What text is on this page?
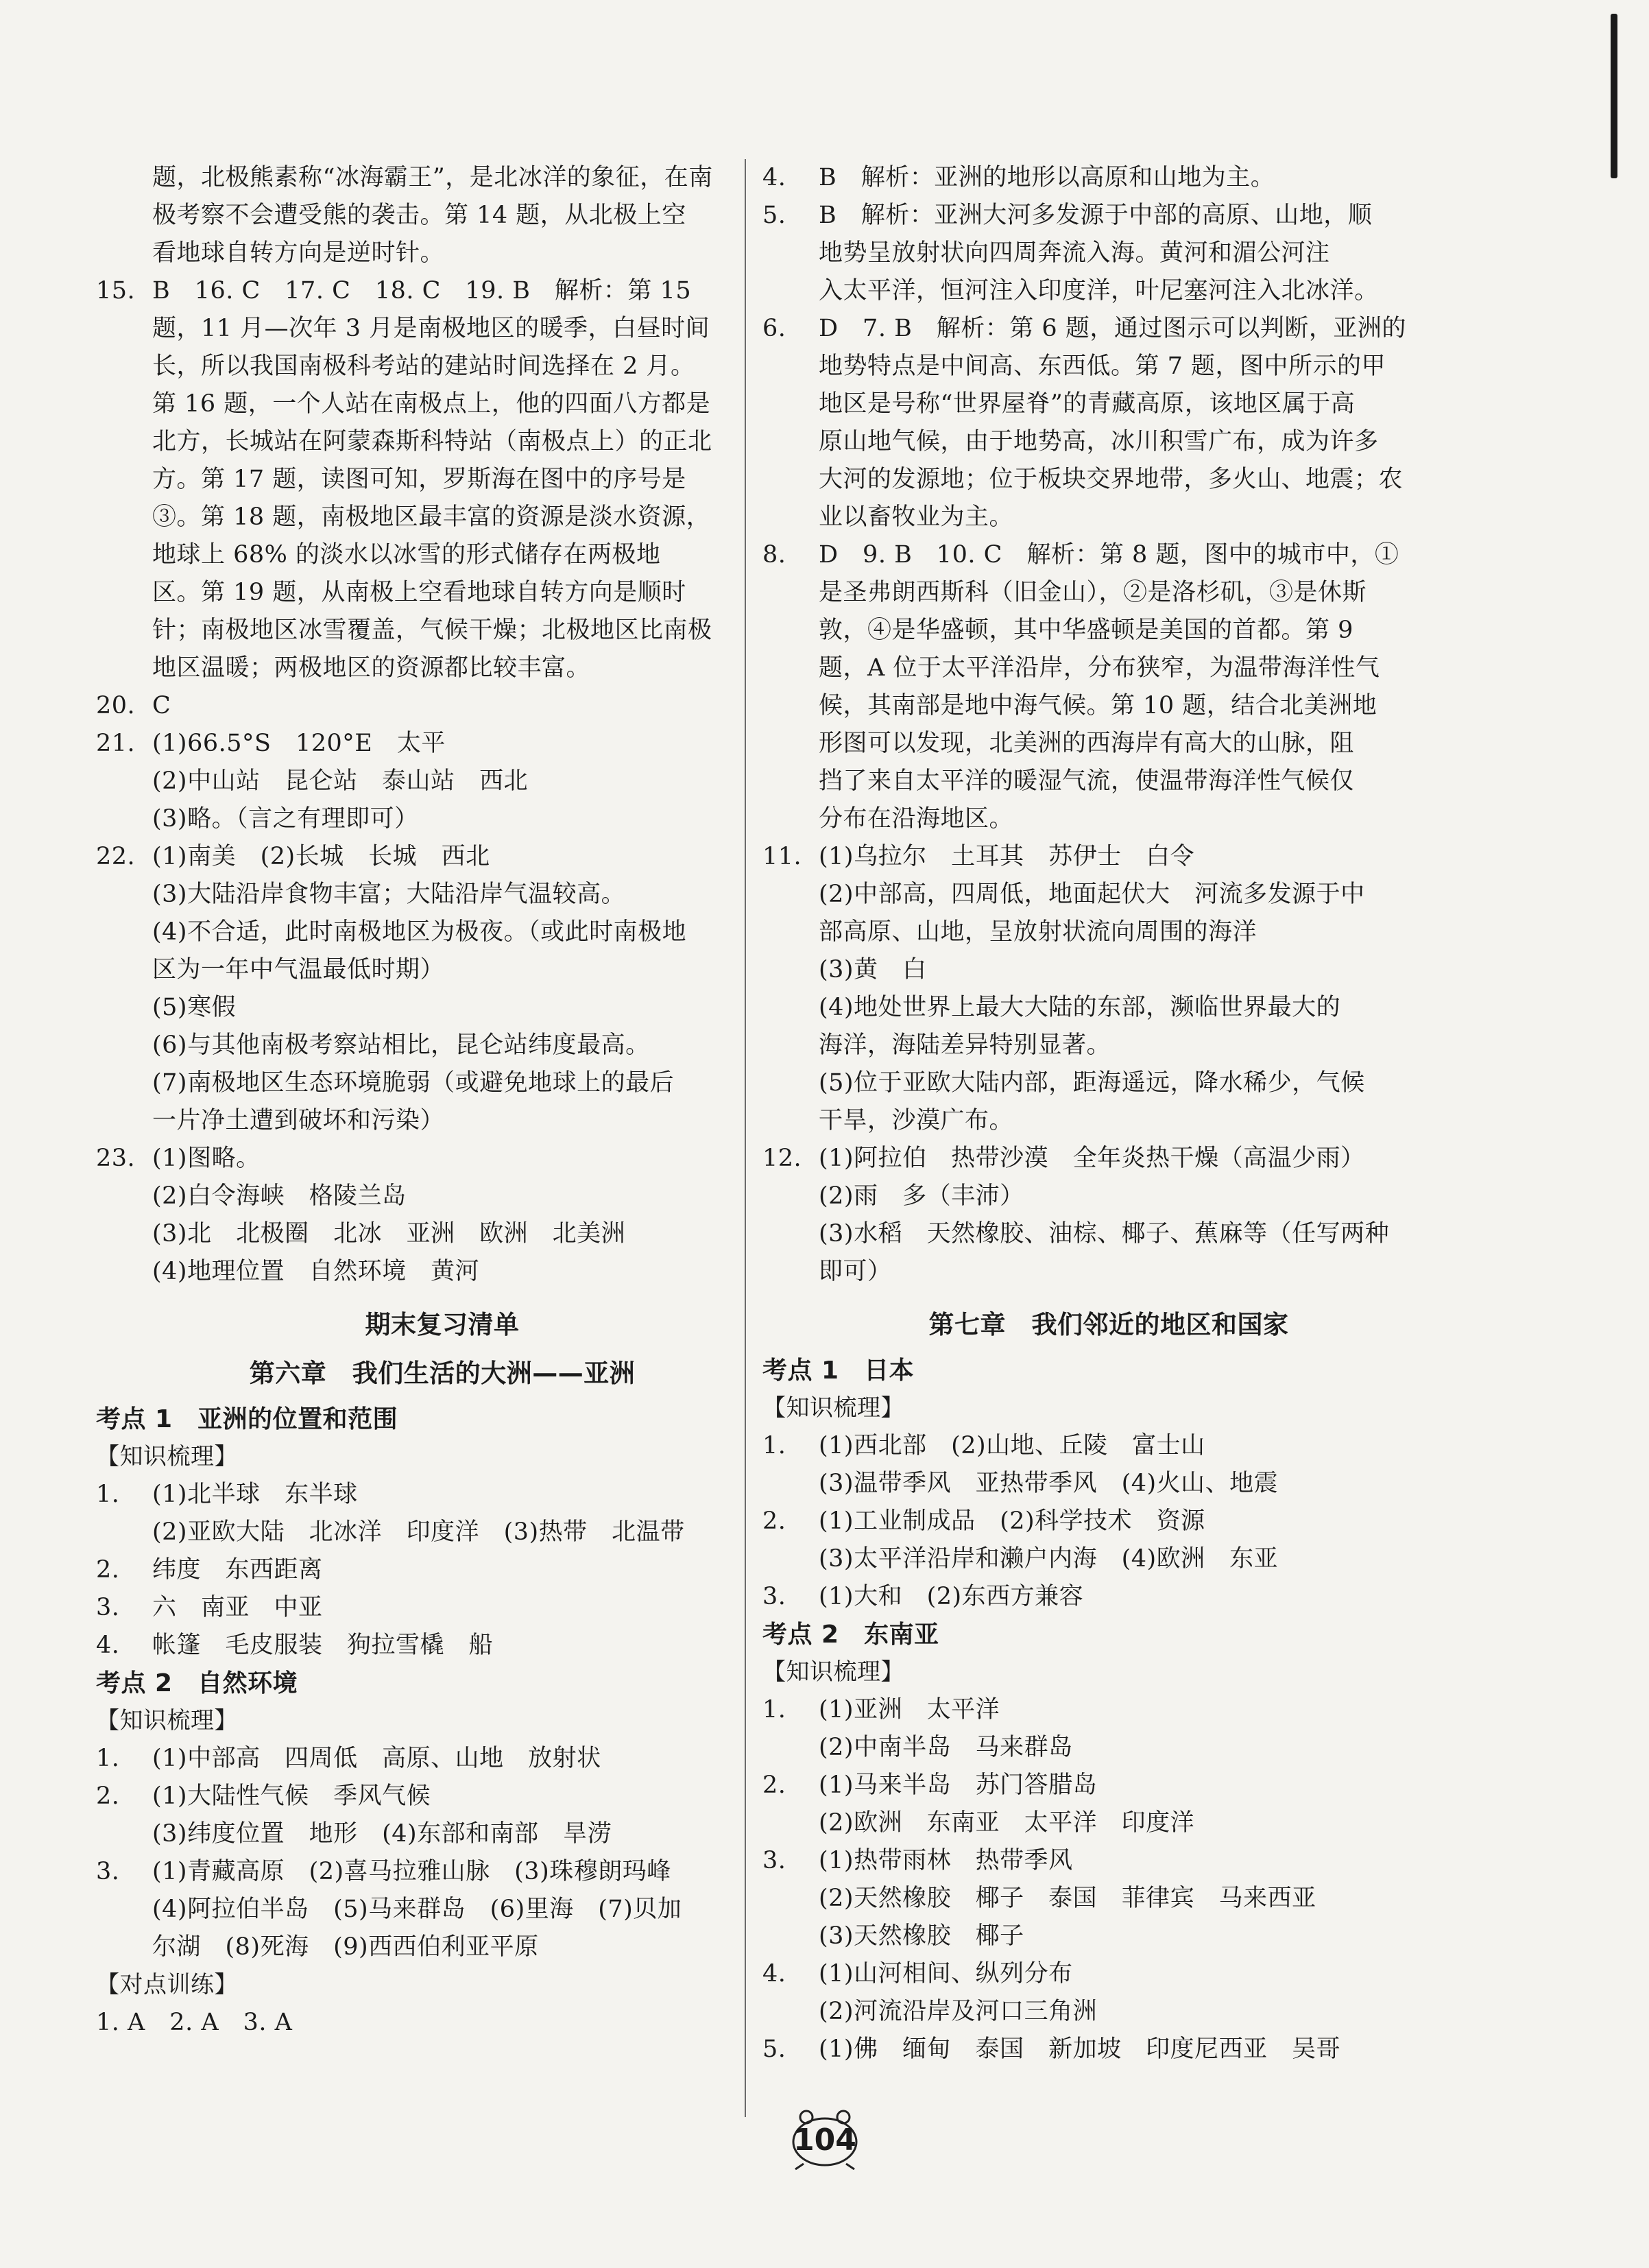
题，北极熊素称“冰海霸王”，是北冰洋的象征，在南
极考察不会遭受熊的袭击。第 14 题，从北极上空
看地球自转方向是逆时针。
15. B　16. C　17. C　18. C　19. B　解析：第 15
题，11 月—次年 3 月是南极地区的暖季，白昼时间
长，所以我国南极科考站的建站时间选择在 2 月。
第 16 题，一个人站在南极点上，他的四面八方都是
北方，长城站在阿蒙森斯科特站（南极点上）的正北
方。第 17 题，读图可知，罗斯海在图中的序号是
③。第 18 题，南极地区最丰富的资源是淡水资源，
地球上 68% 的淡水以冰雪的形式储存在两极地
区。第 19 题，从南极上空看地球自转方向是顺时
针；南极地区冰雪覆盖，气候干燥；北极地区比南极
地区温暖；两极地区的资源都比较丰富。
20. C
21. (1)66.5°S　120°E　太平
(2)中山站　昆仑站　泰山站　西北
(3)略。（言之有理即可）
22. (1)南美　(2)长城　长城　西北
(3)大陆沿岸食物丰富；大陆沿岸气温较高。
(4)不合适，此时南极地区为极夜。（或此时南极地
区为一年中气温最低时期）
(5)寒假
(6)与其他南极考察站相比，昆仑站纬度最高。
(7)南极地区生态环境脆弱（或避免地球上的最后
一片净土遭到破坏和污染）
23. (1)图略。
(2)白令海峡　格陵兰岛
(3)北　北极圈　北冰　亚洲　欧洲　北美洲
(4)地理位置　自然环境　黄河
期末复习清单
第六章　我们生活的大洲——亚洲
考点 1　亚洲的位置和范围
【知识梳理】
1. (1)北半球　东半球
(2)亚欧大陆　北冰洋　印度洋　(3)热带　北温带
2. 纬度　东西距离
3. 六　南亚　中亚
4. 帐篷　毛皮服装　狗拉雪橇　船
考点 2　自然环境
【知识梳理】
1. (1)中部高　四周低　高原、山地　放射状
2. (1)大陆性气候　季风气候
(3)纬度位置　地形　(4)东部和南部　旱涝
3. (1)青藏高原　(2)喜马拉雅山脉　(3)珠穆朗玛峰
(4)阿拉伯半岛　(5)马来群岛　(6)里海　(7)贝加
尔湖　(8)死海　(9)西西伯利亚平原
【对点训练】
1. A　2. A　3. A
4. B　解析：亚洲的地形以高原和山地为主。
5. B　解析：亚洲大河多发源于中部的高原、山地，顺
地势呈放射状向四周奔流入海。黄河和湄公河注
入太平洋，恒河注入印度洋，叶尼塞河注入北冰洋。
6. D　7. B　解析：第 6 题，通过图示可以判断，亚洲的
地势特点是中间高、东西低。第 7 题，图中所示的甲
地区是号称“世界屋脊”的青藏高原，该地区属于高
原山地气候，由于地势高，冰川积雪广布，成为许多
大河的发源地；位于板块交界地带，多火山、地震；农
业以畜牧业为主。
8. D　9. B　10. C　解析：第 8 题，图中的城市中，①
是圣弗朗西斯科（旧金山），②是洛杉矶，③是休斯
敦，④是华盛顿，其中华盛顿是美国的首都。第 9
题，A 位于太平洋沿岸，分布狭窄，为温带海洋性气
候，其南部是地中海气候。第 10 题，结合北美洲地
形图可以发现，北美洲的西海岸有高大的山脉，阻
挡了来自太平洋的暖湿气流，使温带海洋性气候仅
分布在沿海地区。
11. (1)乌拉尔　土耳其　苏伊士　白令
(2)中部高，四周低，地面起伏大　河流多发源于中
部高原、山地，呈放射状流向周围的海洋
(3)黄　白
(4)地处世界上最大大陆的东部，濒临世界最大的
海洋，海陆差异特别显著。
(5)位于亚欧大陆内部，距海遥远，降水稀少，气候
干旱，沙漠广布。
12. (1)阿拉伯　热带沙漠　全年炎热干燥（高温少雨）
(2)雨　多（丰沛）
(3)水稻　天然橡胶、油棕、椰子、蕉麻等（任写两种
即可）
第七章　我们邻近的地区和国家
考点 1　日本
【知识梳理】
1. (1)西北部　(2)山地、丘陵　富士山
(3)温带季风　亚热带季风　(4)火山、地震
2. (1)工业制成品　(2)科学技术　资源
(3)太平洋沿岸和濑户内海　(4)欧洲　东亚
3. (1)大和　(2)东西方兼容
考点 2　东南亚
【知识梳理】
1. (1)亚洲　太平洋
(2)中南半岛　马来群岛
2. (1)马来半岛　苏门答腊岛
(2)欧洲　东南亚　太平洋　印度洋
3. (1)热带雨林　热带季风
(2)天然橡胶　椰子　泰国　菲律宾　马来西亚
(3)天然橡胶　椰子
4. (1)山河相间、纵列分布
(2)河流沿岸及河口三角洲
5. (1)佛　缅甸　泰国　新加坡　印度尼西亚　吴哥
104
